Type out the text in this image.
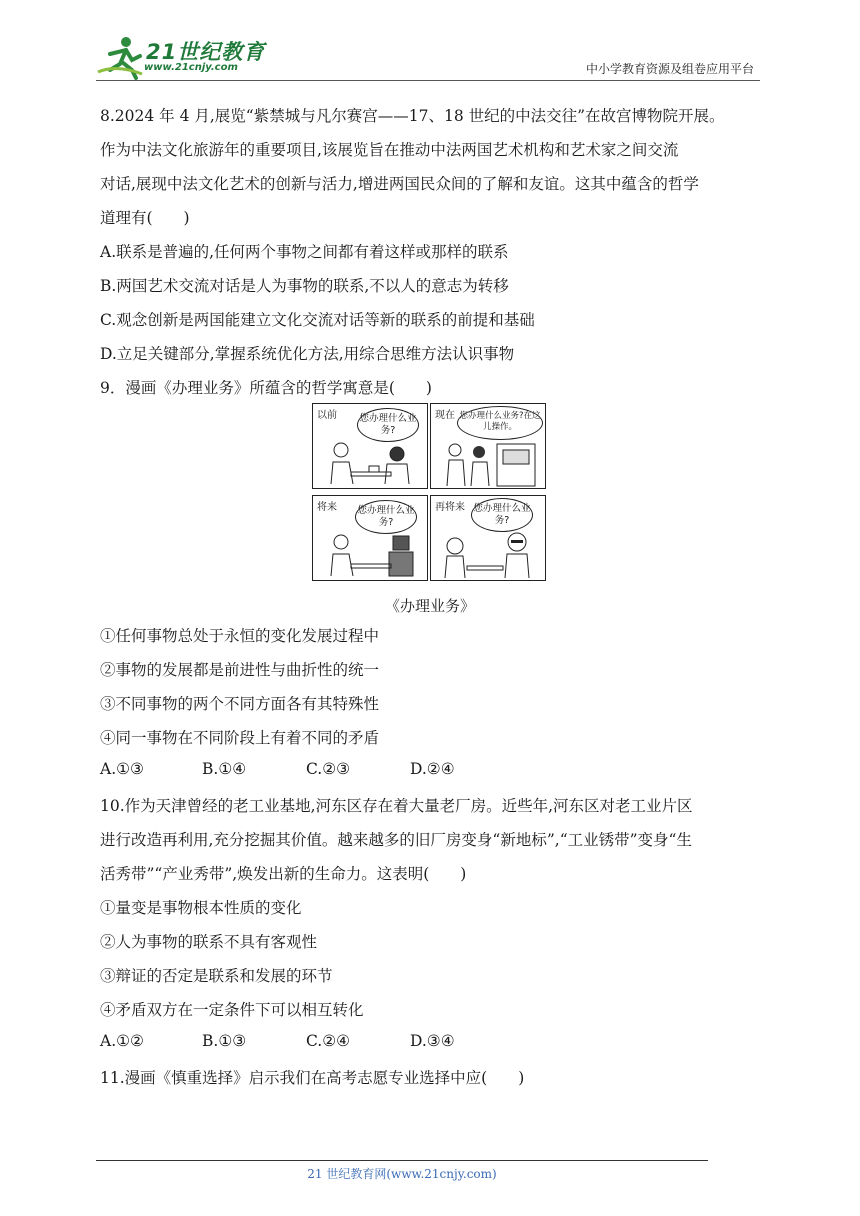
21世纪教育
www.21cnjy.com	中小学教育资源及组卷应用平台
8.2024 年 4 月,展览“紫禁城与凡尔赛宫——17、18 世纪的中法交往”在故宫博物院开展。
作为中法文化旅游年的重要项目,该展览旨在推动中法两国艺术机构和艺术家之间交流
对话,展现中法文化艺术的创新与活力,增进两国民众间的了解和友谊。这其中蕴含的哲学
道理有(　　)
A.联系是普遍的,任何两个事物之间都有着这样或那样的联系
B.两国艺术交流对话是人为事物的联系,不以人的意志为转移
C.观念创新是两国能建立文化交流对话等新的联系的前提和基础
D.立足关键部分,掌握系统优化方法,用综合思维方法认识事物
9．漫画《办理业务》所蕴含的哲学寓意是(　　)
以前 您办理什么业务?
现在 您办理什么业务?在这儿操作。
将来 您办理什么业务?
再将来 您办理什么业务?
《办理业务》
①任何事物总处于永恒的变化发展过程中
②事物的发展都是前进性与曲折性的统一
③不同事物的两个不同方面各有其特殊性
④同一事物在不同阶段上有着不同的矛盾
A.①③	B.①④	C.②③	D.②④
10.作为天津曾经的老工业基地,河东区存在着大量老厂房。近些年,河东区对老工业片区
进行改造再利用,充分挖掘其价值。越来越多的旧厂房变身“新地标”,“工业锈带”变身“生
活秀带”“产业秀带”,焕发出新的生命力。这表明(　　)
①量变是事物根本性质的变化
②人为事物的联系不具有客观性
③辩证的否定是联系和发展的环节
④矛盾双方在一定条件下可以相互转化
A.①②	B.①③	C.②④	D.③④
11.漫画《慎重选择》启示我们在高考志愿专业选择中应(　　)
21 世纪教育网(www.21cnjy.com)
